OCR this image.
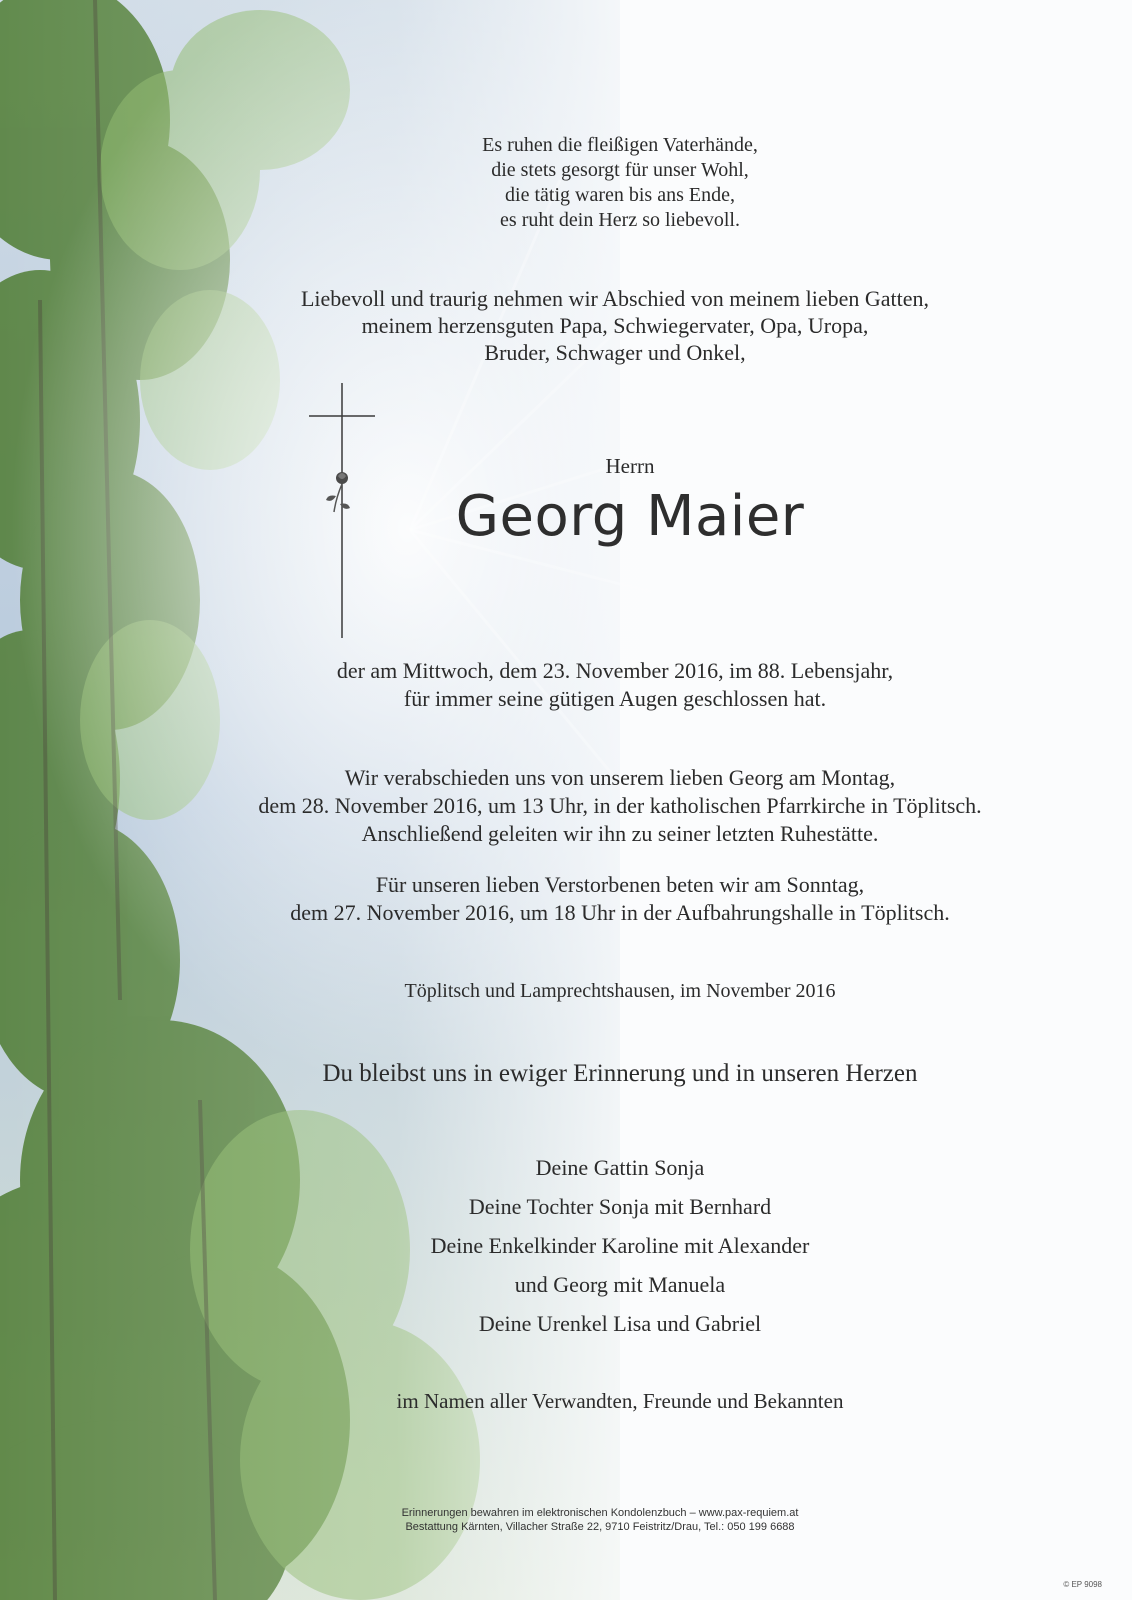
Es ruhen die fleißigen Vaterhände,
die stets gesorgt für unser Wohl,
die tätig waren bis ans Ende,
es ruht dein Herz so liebevoll.
Liebevoll und traurig nehmen wir Abschied von meinem lieben Gatten,
meinem herzensguten Papa, Schwiegervater, Opa, Uropa,
Bruder, Schwager und Onkel,
Herrn
Georg Maier
der am Mittwoch, dem 23. November 2016, im 88. Lebensjahr,
für immer seine gütigen Augen geschlossen hat.
Wir verabschieden uns von unserem lieben Georg am Montag,
dem 28. November 2016, um 13 Uhr, in der katholischen Pfarrkirche in Töplitsch.
Anschließend geleiten wir ihn zu seiner letzten Ruhestätte.
Für unseren lieben Verstorbenen beten wir am Sonntag,
dem 27. November 2016, um 18 Uhr in der Aufbahrungshalle in Töplitsch.
Töplitsch und Lamprechtshausen, im November 2016
Du bleibst uns in ewiger Erinnerung und in unseren Herzen
Deine Gattin Sonja
Deine Tochter Sonja mit Bernhard
Deine Enkelkinder Karoline mit Alexander
und Georg mit Manuela
Deine Urenkel Lisa und Gabriel
im Namen aller Verwandten, Freunde und Bekannten
Erinnerungen bewahren im elektronischen Kondolenzbuch – www.pax-requiem.at
Bestattung Kärnten, Villacher Straße 22, 9710 Feistritz/Drau, Tel.: 050 199 6688
© EP 9098
